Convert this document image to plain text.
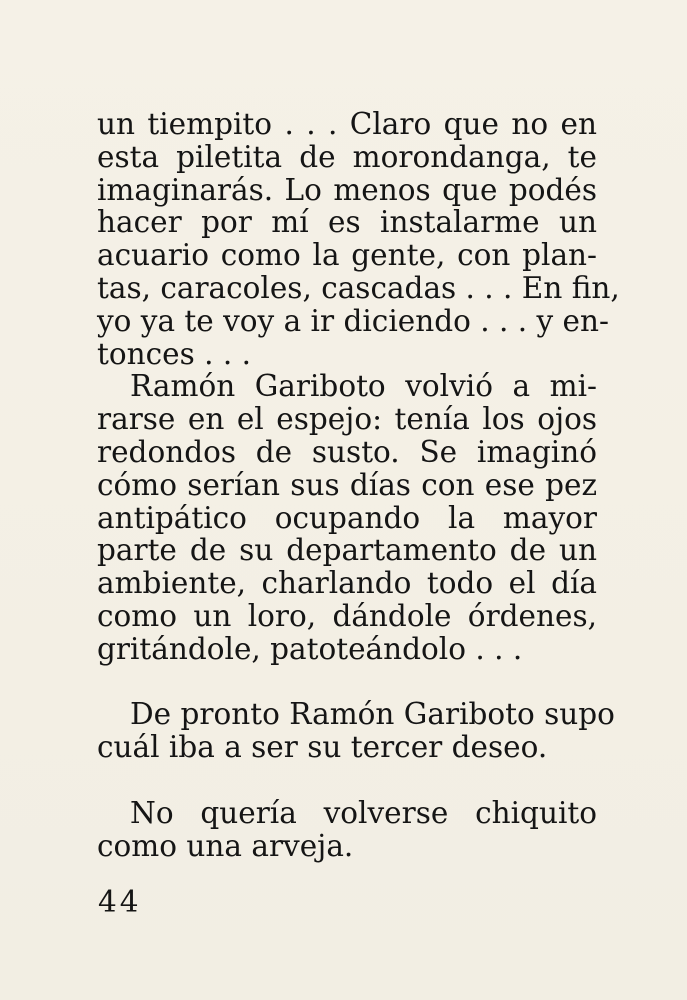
un tiempito . . . Claro que no en
esta piletita de morondanga, te
imaginarás. Lo menos que podés
hacer por mí es instalarme un
acuario como la gente, con plan-
tas, caracoles, cascadas . . . En fin,
yo ya te voy a ir diciendo . . . y en-
tonces . . .
Ramón Gariboto volvió a mi-
rarse en el espejo: tenía los ojos
redondos de susto. Se imaginó
cómo serían sus días con ese pez
antipático ocupando la mayor
parte de su departamento de un
ambiente, charlando todo el día
como un loro, dándole órdenes,
gritándole, patoteándolo . . .
De pronto Ramón Gariboto supo
cuál iba a ser su tercer deseo.
No quería volverse chiquito
como una arveja.
44
